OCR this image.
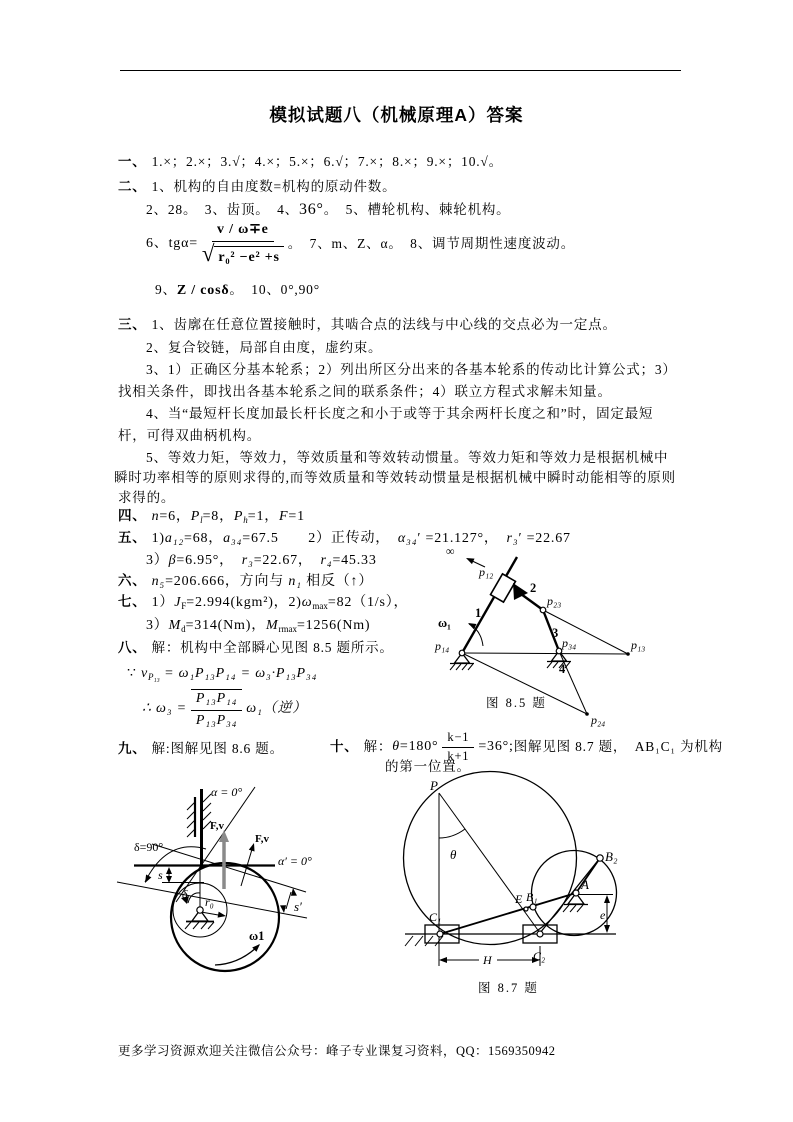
模拟试题八（机械原理A）答案
一、 1.×；2.×；3.√；4.×；5.×；6.√；7.×；8.×；9.×；10.√。
二、 1、机构的自由度数=机构的原动件数。
2、28。　3、齿顶。　4、36°。　5、槽轮机构、棘轮机构。
6、$tg\alpha= \frac{v / \omega\mp e}{\text{√ r₀² −e² +s}}$ 。　7、m、Z、α。　8、调节周期性速度波动。
9、Z / cosδ。　10、0°,90°
三、 1、齿廓在任意位置接触时，其啮合点的法线与中心线的交点必为一定点。
2、复合铰链，局部自由度，虚约束。
3、1）正确区分基本轮系；2）列出所区分出来的各基本轮系的传动比计算公式；3）
找相关条件，即找出各基本轮系之间的联系条件；4）联立方程式求解未知量。
4、当“最短杆长度加最长杆长度之和小于或等于其余两杆长度之和”时，固定最短
杆，可得双曲柄机构。
5、等效力矩，等效力，等效质量和等效转动惯量。等效力矩和等效力是根据机械中
瞬时功率相等的原则求得的,而等效质量和等效转动惯量是根据机械中瞬时动能相等的原则
求得的。
四、 n=6，$P_l=8$，$P_h=1$，F=1
五、 1)a₁₂=68，a₃₄=67.5　　2）正传动，　α₃₄′ =21.127°，　r₃′ =22.67
3）β=6.95°，　r₃=22.67，　r₄=45.33
六、 n₅=206.666，方向与 n₁ 相反（↑）
七、 $1)J_F=2.994(kgm^2)$，$2)\omega_{max}=82(1/s)$，
$3)M_d=314(Nm)$，$M_{rmax}=1256(Nm)$
八、 解：机构中全部瞬心见图 8.5 题所示。
∵ $v_{P_{13}} = \omega_1P_{13}P_{14} = \omega_3\cdot P_{13}P_{34}$
∴ $\omega_3 = \frac{\text{P₁₃P₁₄}}{\text{P₁₃P₃₄}} \omega_1$（逆）
九、 解:图解见图 8.6 题。	十、 解： $\theta=180^\circ \frac{k-1}{k+1} =36^\circ$; 图解见图 8.7 题，　AB₁C₁ 为机构
的第一位置。
∞
p₁₂
p₂₃
p₁₄	p₃₄	p₁₃
p₂₄
1
2
3
4
ω₁
图 8.5 题
α = 0°
α′ = 0°
δ=90°
F,v
F,v
s
s′
δ
r₀
ω1
P
θ
B₁
B₂
E
A
C₁
C₂
e
H
图 8.7 题
更多学习资源欢迎关注微信公众号：峰子专业课复习资料，QQ：1569350942
